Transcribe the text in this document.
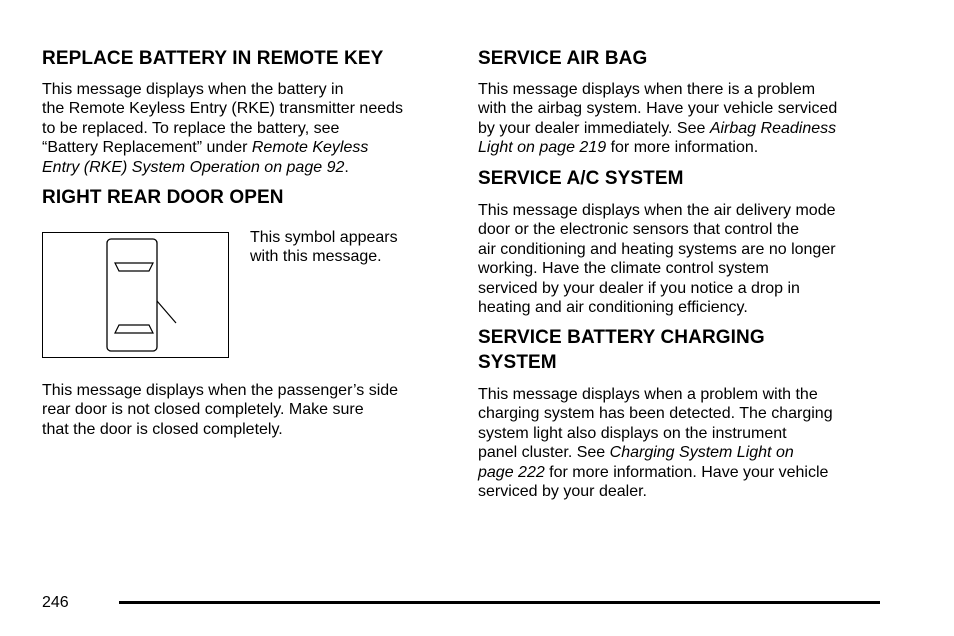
REPLACE BATTERY IN REMOTE KEY

This message displays when the battery in
the Remote Keyless Entry (RKE) transmitter needs
to be replaced. To replace the battery, see
“Battery Replacement” under Remote Keyless
Entry (RKE) System Operation on page 92.

RIGHT REAR DOOR OPEN

This symbol appears
with this message.

This message displays when the passenger’s side
rear door is not closed completely. Make sure
that the door is closed completely.

SERVICE AIR BAG

This message displays when there is a problem
with the airbag system. Have your vehicle serviced
by your dealer immediately. See Airbag Readiness
Light on page 219 for more information.

SERVICE A/C SYSTEM

This message displays when the air delivery mode
door or the electronic sensors that control the
air conditioning and heating systems are no longer
working. Have the climate control system
serviced by your dealer if you notice a drop in
heating and air conditioning efficiency.

SERVICE BATTERY CHARGING
SYSTEM

This message displays when a problem with the
charging system has been detected. The charging
system light also displays on the instrument
panel cluster. See Charging System Light on
page 222 for more information. Have your vehicle
serviced by your dealer.

246
